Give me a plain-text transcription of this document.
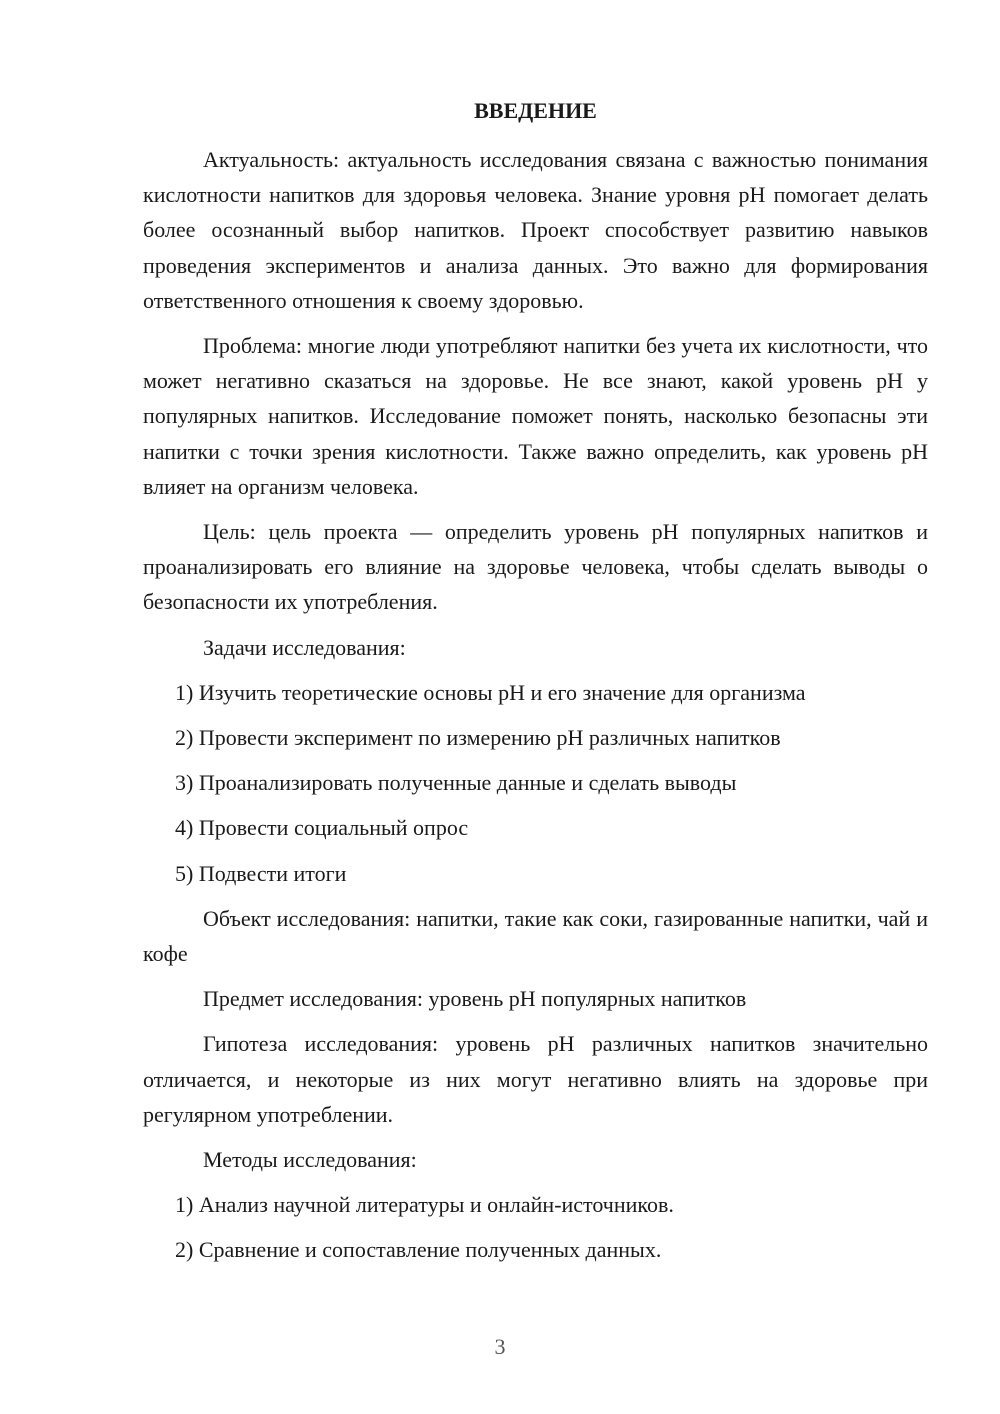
ВВЕДЕНИЕ

Актуальность: актуальность исследования связана с важностью понимания кислотности напитков для здоровья человека. Знание уровня pH помогает делать более осознанный выбор напитков. Проект способствует развитию навыков проведения экспериментов и анализа данных. Это важно для формирования ответственного отношения к своему здоровью.

Проблема: многие люди употребляют напитки без учета их кислотности, что может негативно сказаться на здоровье. Не все знают, какой уровень pH у популярных напитков. Исследование поможет понять, насколько безопасны эти напитки с точки зрения кислотности. Также важно определить, как уровень pH влияет на организм человека.

Цель: цель проекта — определить уровень pH популярных напитков и проанализировать его влияние на здоровье человека, чтобы сделать выводы о безопасности их употребления.

Задачи исследования:

1) Изучить теоретические основы pH и его значение для организма

2) Провести эксперимент по измерению pH различных напитков

3) Проанализировать полученные данные и сделать выводы

4) Провести социальный опрос

5) Подвести итоги

Объект исследования: напитки, такие как соки, газированные напитки, чай и кофе

Предмет исследования: уровень pH популярных напитков

Гипотеза исследования: уровень pH различных напитков значительно отличается, и некоторые из них могут негативно влиять на здоровье при регулярном употреблении.

Методы исследования:

1) Анализ научной литературы и онлайн-источников.

2) Сравнение и сопоставление полученных данных.

3
